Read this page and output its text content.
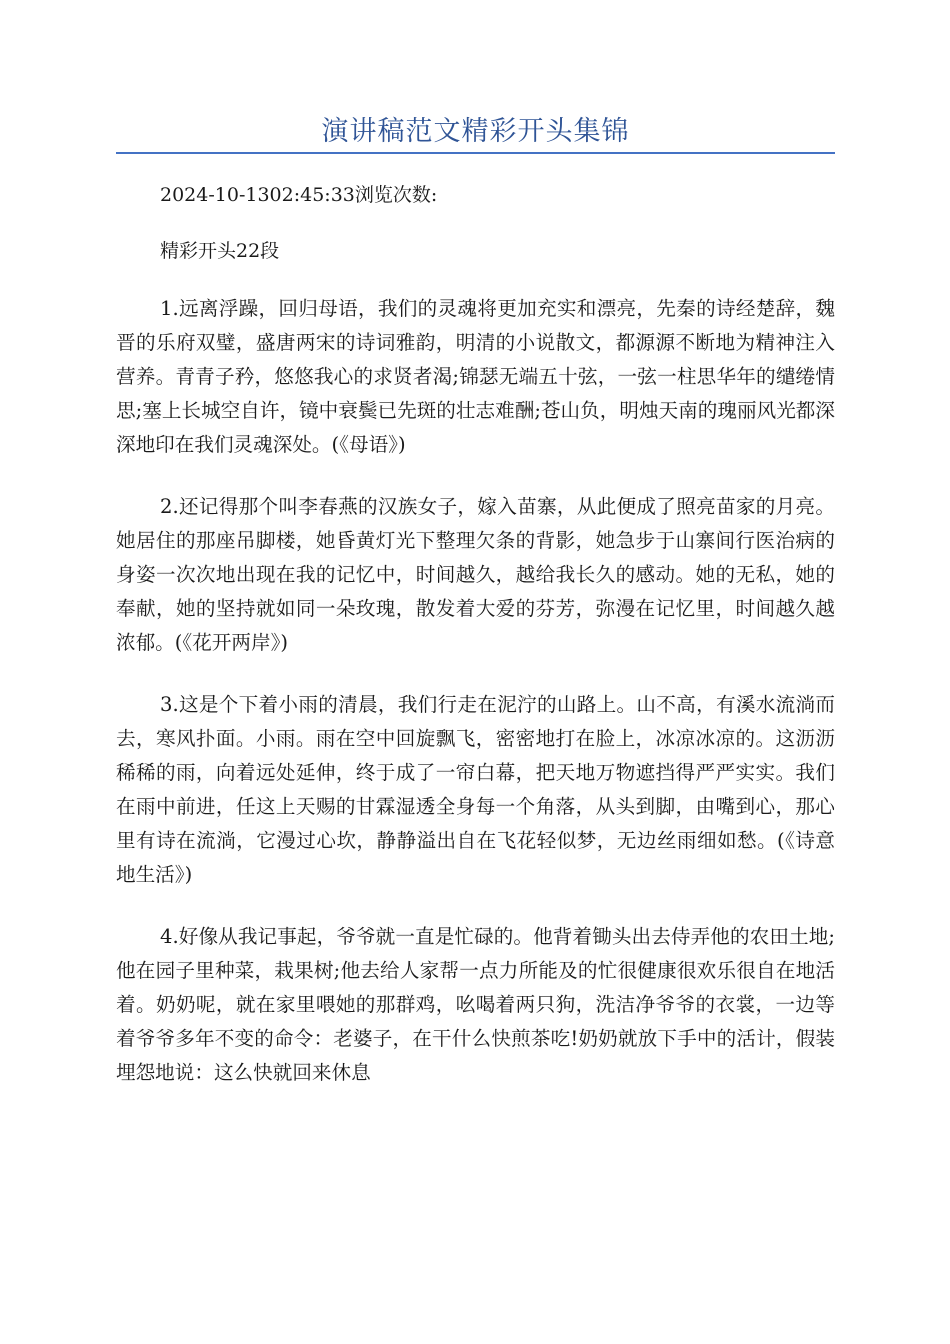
演讲稿范文精彩开头集锦

2024-10-1302:45:33浏览次数:

精彩开头22段

1.远离浮躁，回归母语，我们的灵魂将更加充实和漂亮，先秦的诗经楚辞，魏晋的乐府双璧，盛唐两宋的诗词雅韵，明清的小说散文，都源源不断地为精神注入营养。青青子矜，悠悠我心的求贤者渴;锦瑟无端五十弦，一弦一柱思华年的缱绻情思;塞上长城空自许，镜中衰鬓已先斑的壮志难酬;苍山负，明烛天南的瑰丽风光都深深地印在我们灵魂深处。(《母语》)

2.还记得那个叫李春燕的汉族女子，嫁入苗寨，从此便成了照亮苗家的月亮。她居住的那座吊脚楼，她昏黄灯光下整理欠条的背影，她急步于山寨间行医治病的身姿一次次地出现在我的记忆中，时间越久，越给我长久的感动。她的无私，她的奉献，她的坚持就如同一朵玫瑰，散发着大爱的芬芳，弥漫在记忆里，时间越久越浓郁。(《花开两岸》)

3.这是个下着小雨的清晨，我们行走在泥泞的山路上。山不高，有溪水流淌而去，寒风扑面。小雨。雨在空中回旋飘飞，密密地打在脸上，冰凉冰凉的。这沥沥稀稀的雨，向着远处延伸，终于成了一帘白幕，把天地万物遮挡得严严实实。我们在雨中前进，任这上天赐的甘霖湿透全身每一个角落，从头到脚，由嘴到心，那心里有诗在流淌，它漫过心坎，静静溢出自在飞花轻似梦，无边丝雨细如愁。(《诗意地生活》)

4.好像从我记事起，爷爷就一直是忙碌的。他背着锄头出去侍弄他的农田土地;他在园子里种菜，栽果树;他去给人家帮一点力所能及的忙很健康很欢乐很自在地活着。奶奶呢，就在家里喂她的那群鸡，吆喝着两只狗，洗洁净爷爷的衣裳，一边等着爷爷多年不变的命令：老婆子，在干什么快煎茶吃!奶奶就放下手中的活计，假装埋怨地说：这么快就回来休息
